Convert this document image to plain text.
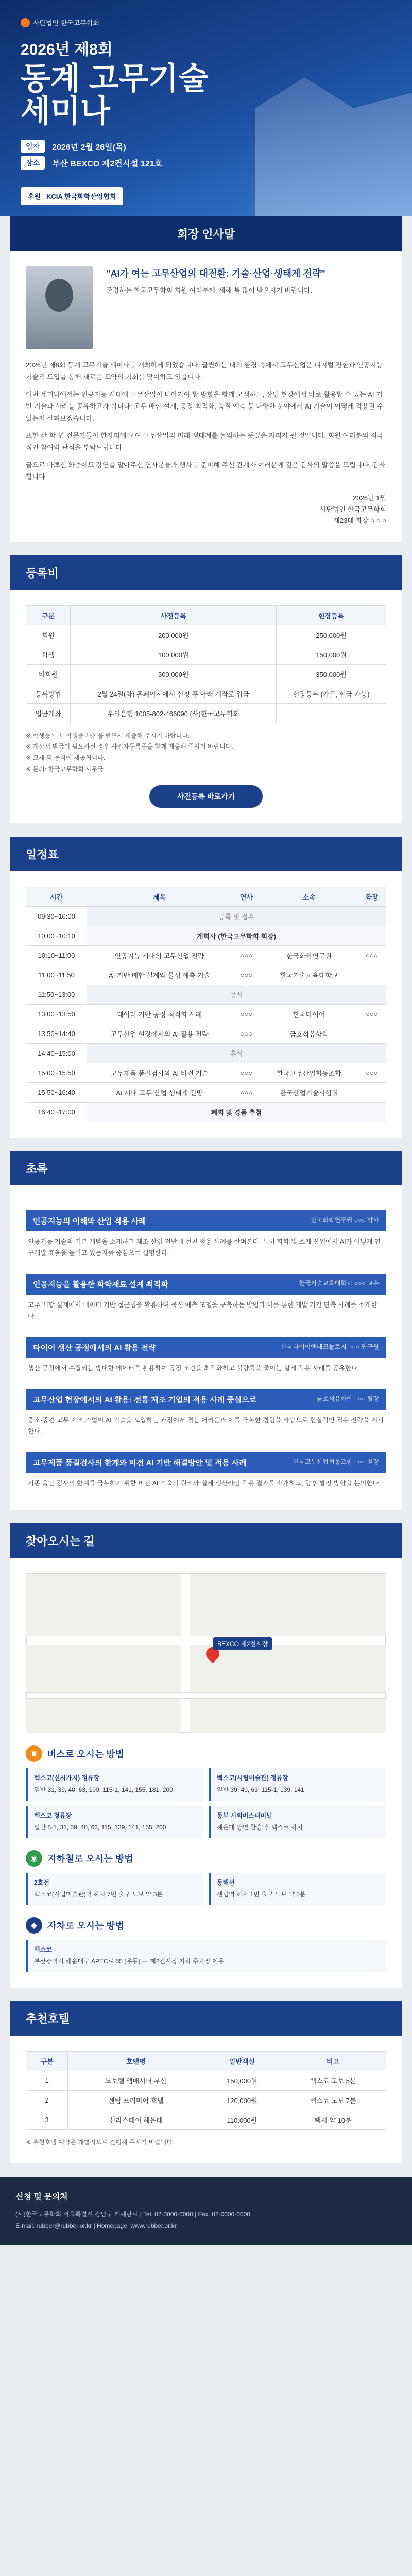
사단법인 한국고무학회
2026년 제8회
동계 고무기술
세미나
일자	2026년 2월 26일(목)
장소	부산 BEXCO 제2컨시설 121호
후원 KCIA 한국화학산업협회
회장 인사말
"AI가 여는 고무산업의 대전환: 기술·산업·생태계 전략"

존경하는 한국고무학회 회원 여러분께, 새해 복 많이 받으시기 바랍니다.

2026년 제8회 동계 고무기술 세미나를 개최하게 되었습니다. 급변하는 대외 환경 속에서 고무산업은 디지털 전환과 인공지능 기술의 도입을 통해 새로운 도약의 기회를 맞이하고 있습니다.

이번 세미나에서는 인공지능 시대에 고무산업이 나아가야 할 방향을 함께 모색하고, 산업 현장에서 바로 활용할 수 있는 AI 기반 기술과 사례를 공유하고자 합니다. 고무 배합 설계, 공정 최적화, 품질 예측 등 다양한 분야에서 AI 기술이 어떻게 적용될 수 있는지 살펴보겠습니다.

또한 산·학·연 전문가들이 한자리에 모여 고무산업의 미래 생태계를 논의하는 뜻깊은 자리가 될 것입니다. 회원 여러분의 적극적인 참여와 관심을 부탁드립니다.

끝으로 바쁘신 와중에도 강연을 맡아주신 연사분들과 행사를 준비해 주신 관계자 여러분께 깊은 감사의 말씀을 드립니다. 감사합니다.

2026년 1월
사단법인 한국고무학회
제23대 회장 ○ ○ ○
등록비
구분	사전등록	현장등록
회원	200,000원	250,000원
학생	100,000원	150,000원
비회원	300,000원	350,000원
등록방법	2월 24일(화) 홈페이지에서 신청 후 아래 계좌로 입금	현장등록 (카드, 현금 가능)
입금계좌	우리은행 1005-802-466090 (사)한국고무학회	
※ 학생등록 시 학생증 사본을 반드시 제출해 주시기 바랍니다.
※ 계산서 발급이 필요하신 경우 사업자등록증을 함께 제출해 주시기 바랍니다.
※ 교재 및 중식이 제공됩니다.
※ 문의: 한국고무학회 사무국
사전등록 바로가기
일정표
시간	제목	연사	소속	좌장
09:30~10:00	등록 및 접수			
10:00~10:10	개회사 (한국고무학회 회장)			
10:10~11:00	인공지능 시대의 고무산업 전략	○○○	한국화학연구원	○○○
11:00~11:50	AI 기반 배합 설계와 물성 예측 기술	○○○	한국기술교육대학교	
11:50~13:00	중식			
13:00~13:50	데이터 기반 공정 최적화 사례	○○○	한국타이어	○○○
13:50~14:40	고무산업 현장에서의 AI 활용 전략	○○○	금호석유화학	
14:40~15:00	휴식			
15:00~15:50	고무제품 품질검사와 AI 비전 기술	○○○	한국고무산업협동조합	○○○
15:50~16:40	AI 시대 고무 산업 생태계 전망	○○○	한국산업기술시험원	
16:40~17:00	폐회 및 경품 추첨			
초록
인공지능의 이해와 산업 적용 사례	한국화학연구원 ○○○ 박사

인공지능 기술의 기본 개념을 소개하고 제조 산업 전반에 걸친 적용 사례를 살펴본다. 특히 화학 및 소재 산업에서 AI가 어떻게 연구개발 효율을 높이고 있는지를 중심으로 설명한다.

인공지능을 활용한 화학재료 설계 최적화	한국기술교육대학교 ○○○ 교수

고무 배합 설계에서 데이터 기반 접근법을 활용하여 물성 예측 모델을 구축하는 방법과 이를 통한 개발 기간 단축 사례를 소개한다.

타이어 생산 공정에서의 AI 활용 전략	한국타이어앤테크놀로지 ○○○ 연구원

생산 공정에서 수집되는 방대한 데이터를 활용하여 공정 조건을 최적화하고 불량률을 줄이는 실제 적용 사례를 공유한다.

고무산업 현장에서의 AI 활용: 전통 제조 기업의 적용 사례 중심으로	금호석유화학 ○○○ 팀장

중소·중견 고무 제조 기업이 AI 기술을 도입하는 과정에서 겪는 어려움과 이를 극복한 경험을 바탕으로 현실적인 적용 전략을 제시한다.

고무제품 품질검사의 한계와 비전 AI 기반 해결방안 및 적용 사례	한국고무산업협동조합 ○○○ 실장

기존 육안 검사의 한계를 극복하기 위한 비전 AI 기술의 원리와 실제 생산라인 적용 결과를 소개하고, 향후 발전 방향을 논의한다.

찾아오시는 길
BEXCO 제2전시장
▣	버스로 오시는 방법
벡스코(신시가지) 정류장
일반 31, 39, 40, 63, 100, 115-1, 141, 155, 181, 200
벡스코(시립미술관) 정류장
일반 39, 40, 63, 115-1, 139, 141
벡스코 정류장
일반 5-1, 31, 39, 40, 63, 115, 139, 141, 155, 200
동부 시외버스터미널
해운대 방면 환승 후 벡스코 하차
◉	지하철로 오시는 방법
2호선
벡스코(시립미술관)역 하차 7번 출구 도보 약 3분
동해선
센텀역 하차 1번 출구 도보 약 5분
◆	자차로 오시는 방법
벡스코
부산광역시 해운대구 APEC로 55 (우동) — 제2전시장 지하 주차장 이용
추천호텔
구분	호텔명	일반객실	비고
1	노보텔 앰배서더 부산	150,000원	벡스코 도보 5분
2	센텀 프리미어 호텔	120,000원	벡스코 도보 7분
3	신라스테이 해운대	110,000원	택시 약 10분
※ 추천호텔 예약은 개별적으로 진행해 주시기 바랍니다.
신청 및 문의처
(사)한국고무학회 서울특별시 강남구 테헤란로 | Tel. 02-0000-0000 | Fax. 02-0000-0000
E-mail. rubber@rubber.or.kr | Homepage. www.rubber.or.kr
